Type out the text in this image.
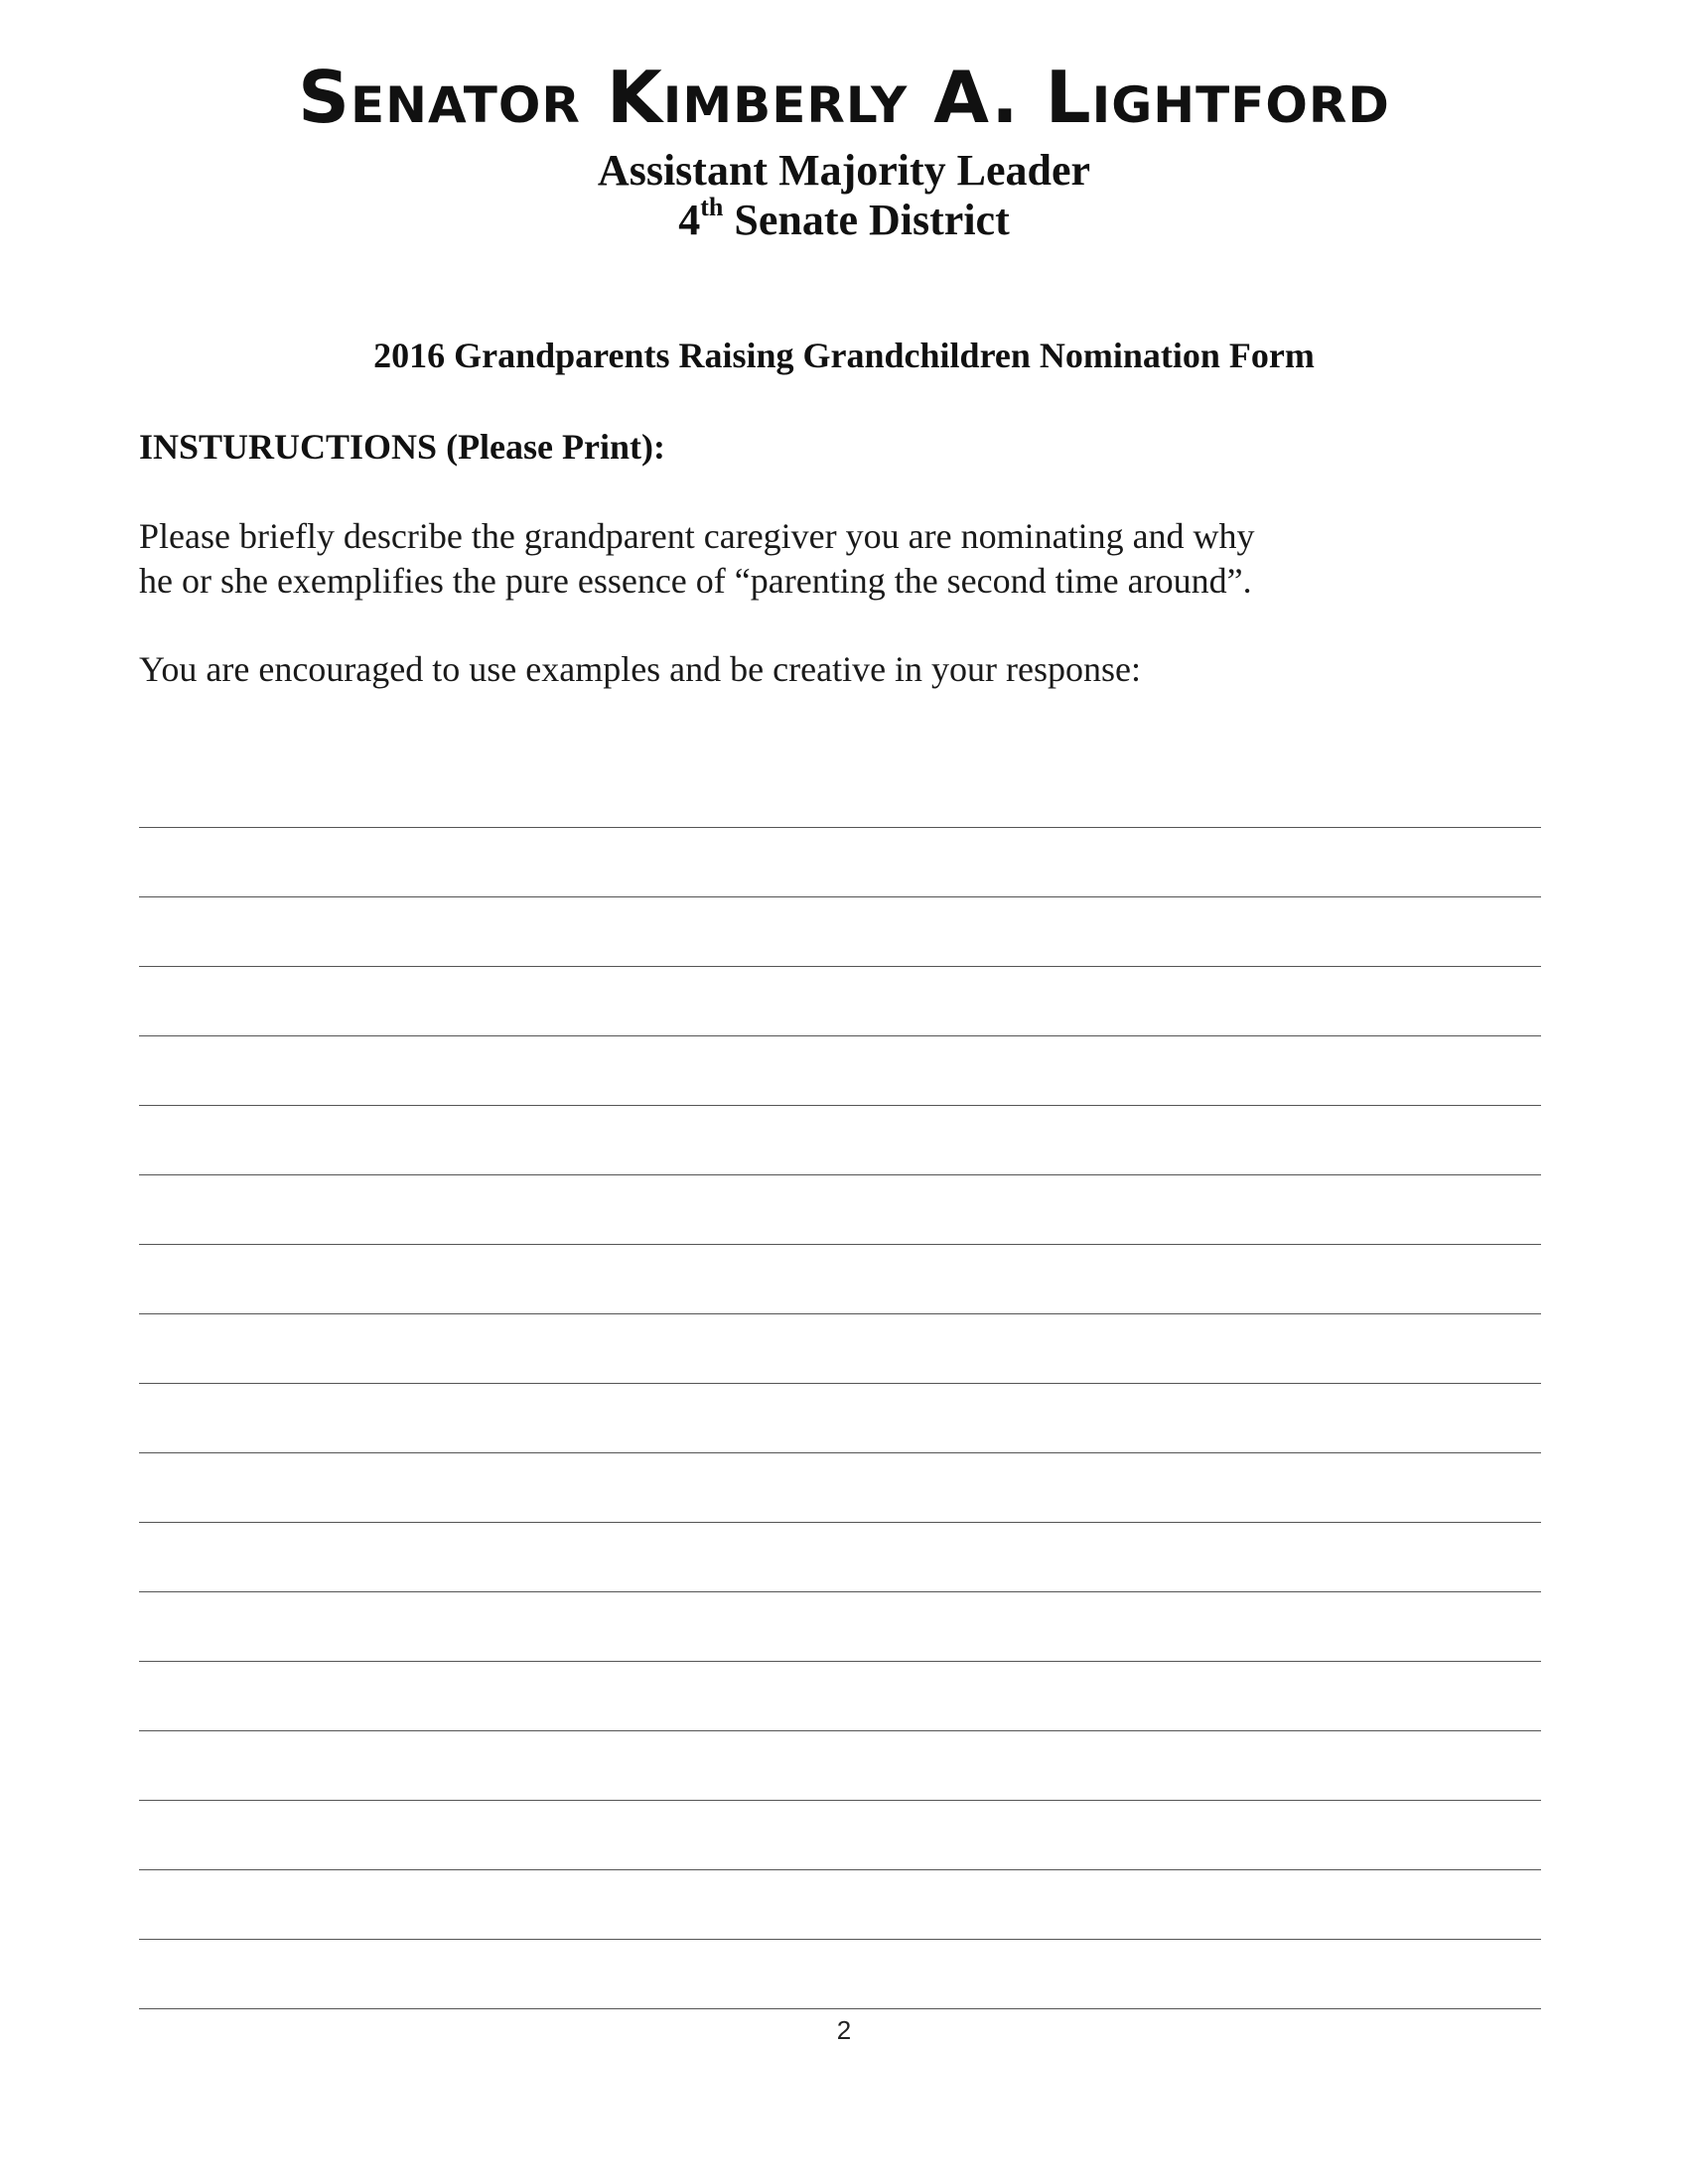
Senator Kimberly A. Lightford
Assistant Majority Leader
4th Senate District
2016 Grandparents Raising Grandchildren Nomination Form
INSTURUCTIONS (Please Print):
Please briefly describe the grandparent caregiver you are nominating and why
he or she exemplifies the pure essence of “parenting the second time around”.
You are encouraged to use examples and be creative in your response:
2
